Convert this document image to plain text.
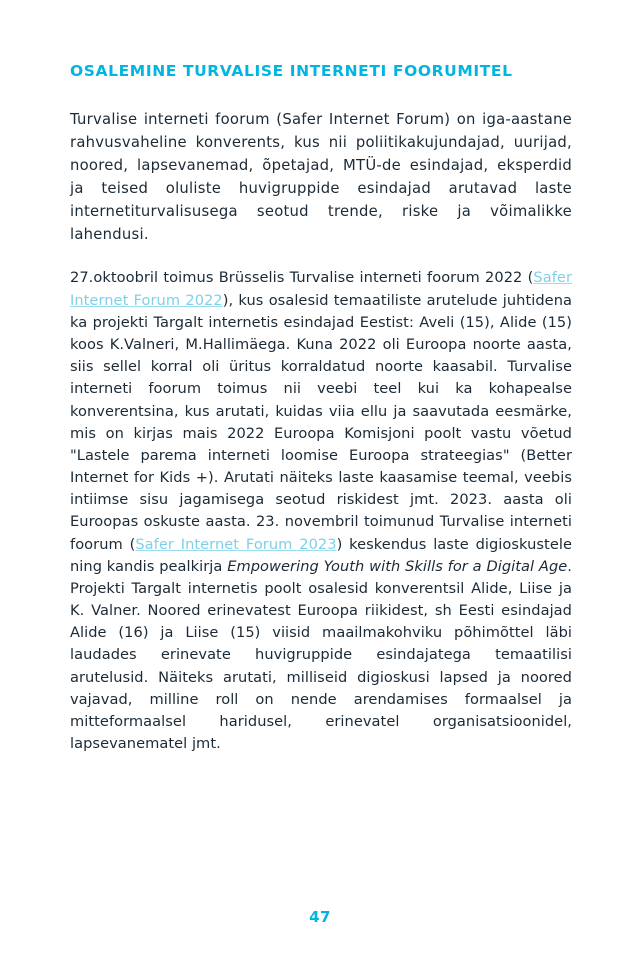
OSALEMINE TURVALISE INTERNETI FOORUMITEL

Turvalise interneti foorum (Safer Internet Forum) on iga-aastane rahvusvaheline konverents, kus nii poliitikakujundajad, uurijad, noored, lapsevanemad, õpetajad, MTÜ-de esindajad, eksperdid ja teised oluliste huvigruppide esindajad arutavad laste internetiturvalisusega seotud trende, riske ja võimalikke lahendusi.

27.oktoobril toimus Brüsselis Turvalise interneti foorum 2022 (Safer Internet Forum 2022), kus osalesid temaatiliste arutelude juhtidena ka projekti Targalt internetis esindajad Eestist: Aveli (15), Alide (15) koos K.Valneri, M.Hallimäega. Kuna 2022 oli Euroopa noorte aasta, siis sellel korral oli üritus korraldatud noorte kaasabil. Turvalise interneti foorum toimus nii veebi teel kui ka kohapealse konverentsina, kus arutati, kuidas viia ellu ja saavutada eesmärke, mis on kirjas mais 2022 Euroopa Komisjoni poolt vastu võetud "Lastele parema interneti loomise Euroopa strateegias" (Better Internet for Kids +). Arutati näiteks laste kaasamise teemal, veebis intiimse sisu jagamisega seotud riskidest jmt. 2023. aasta oli Euroopas oskuste aasta. 23. novembril toimunud Turvalise interneti foorum (Safer Internet Forum 2023) keskendus laste digioskustele ning kandis pealkirja Empowering Youth with Skills for a Digital Age. Projekti Targalt internetis poolt osalesid konverentsil Alide, Liise ja K. Valner. Noored erinevatest Euroopa riikidest, sh Eesti esindajad Alide (16) ja Liise (15) viisid maailmakohviku põhimõttel läbi laudades erinevate huvigruppide esindajatega temaatilisi arutelusid. Näiteks arutati, milliseid digioskusi lapsed ja noored vajavad, milline roll on nende arendamises formaalsel ja mitteformaalsel haridusel, erinevatel organisatsioonidel, lapsevanematel jmt.

47
